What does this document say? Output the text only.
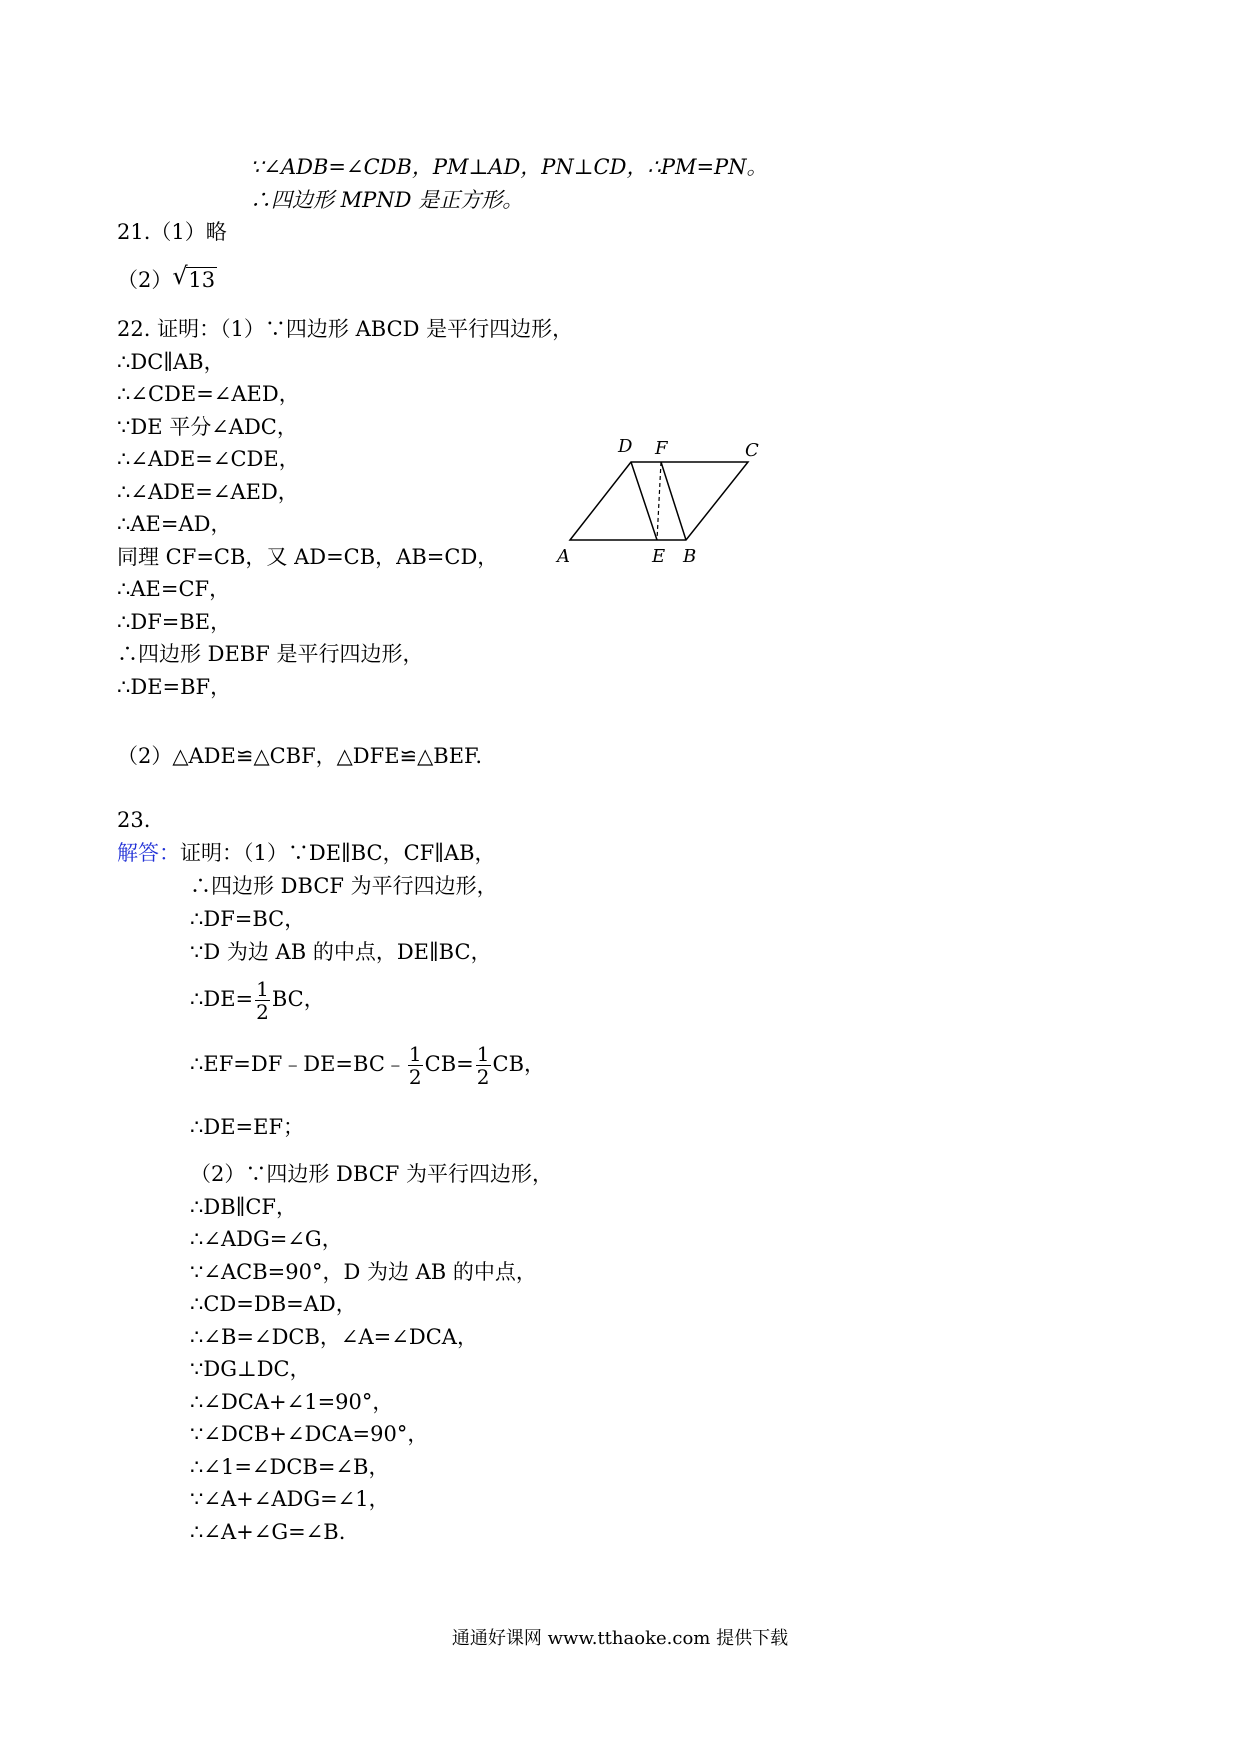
∵∠ADB=∠CDB，PM⊥AD，PN⊥CD，∴PM=PN。
∴四边形 MPND 是正方形。
21.（1）略
（2） √ 13
22. 证明：（1）∵四边形 ABCD 是平行四边形，
∴DC∥AB，
∴∠CDE=∠AED，
∵DE 平分∠ADC，
∴∠ADE=∠CDE，
∴∠ADE=∠AED，
∴AE=AD，
同理 CF=CB，又 AD=CB，AB=CD，
∴AE=CF，
∴DF=BE，
∴四边形 DEBF 是平行四边形，
∴DE=BF，
（2）△ADE≌△CBF，△DFE≌△BEF.
A	B
C
D
E
F
23.
解答：证明：（1）∵DE∥BC，CF∥AB，
∴四边形 DBCF 为平行四边形，
∴DF=BC，
∵D 为边 AB 的中点，DE∥BC，
∴DE= $\frac{1}{2}$ BC，
∴EF=DF﹣DE=BC﹣ $\frac{1}{2} CB= \frac{1}{2}$ CB，
∴DE=EF；
（2）∵四边形 DBCF 为平行四边形，
∴DB∥CF，
∴∠ADG=∠G，
∵∠ACB=90°，D 为边 AB 的中点，
∴CD=DB=AD，
∴∠B=∠DCB，∠A=∠DCA，
∵DG⊥DC，
∴∠DCA+∠1=90°，
∵∠DCB+∠DCA=90°，
∴∠1=∠DCB=∠B，
∵∠A+∠ADG=∠1，
∴∠A+∠G=∠B.
通通好课网 www.tthaoke.com 提供下载
